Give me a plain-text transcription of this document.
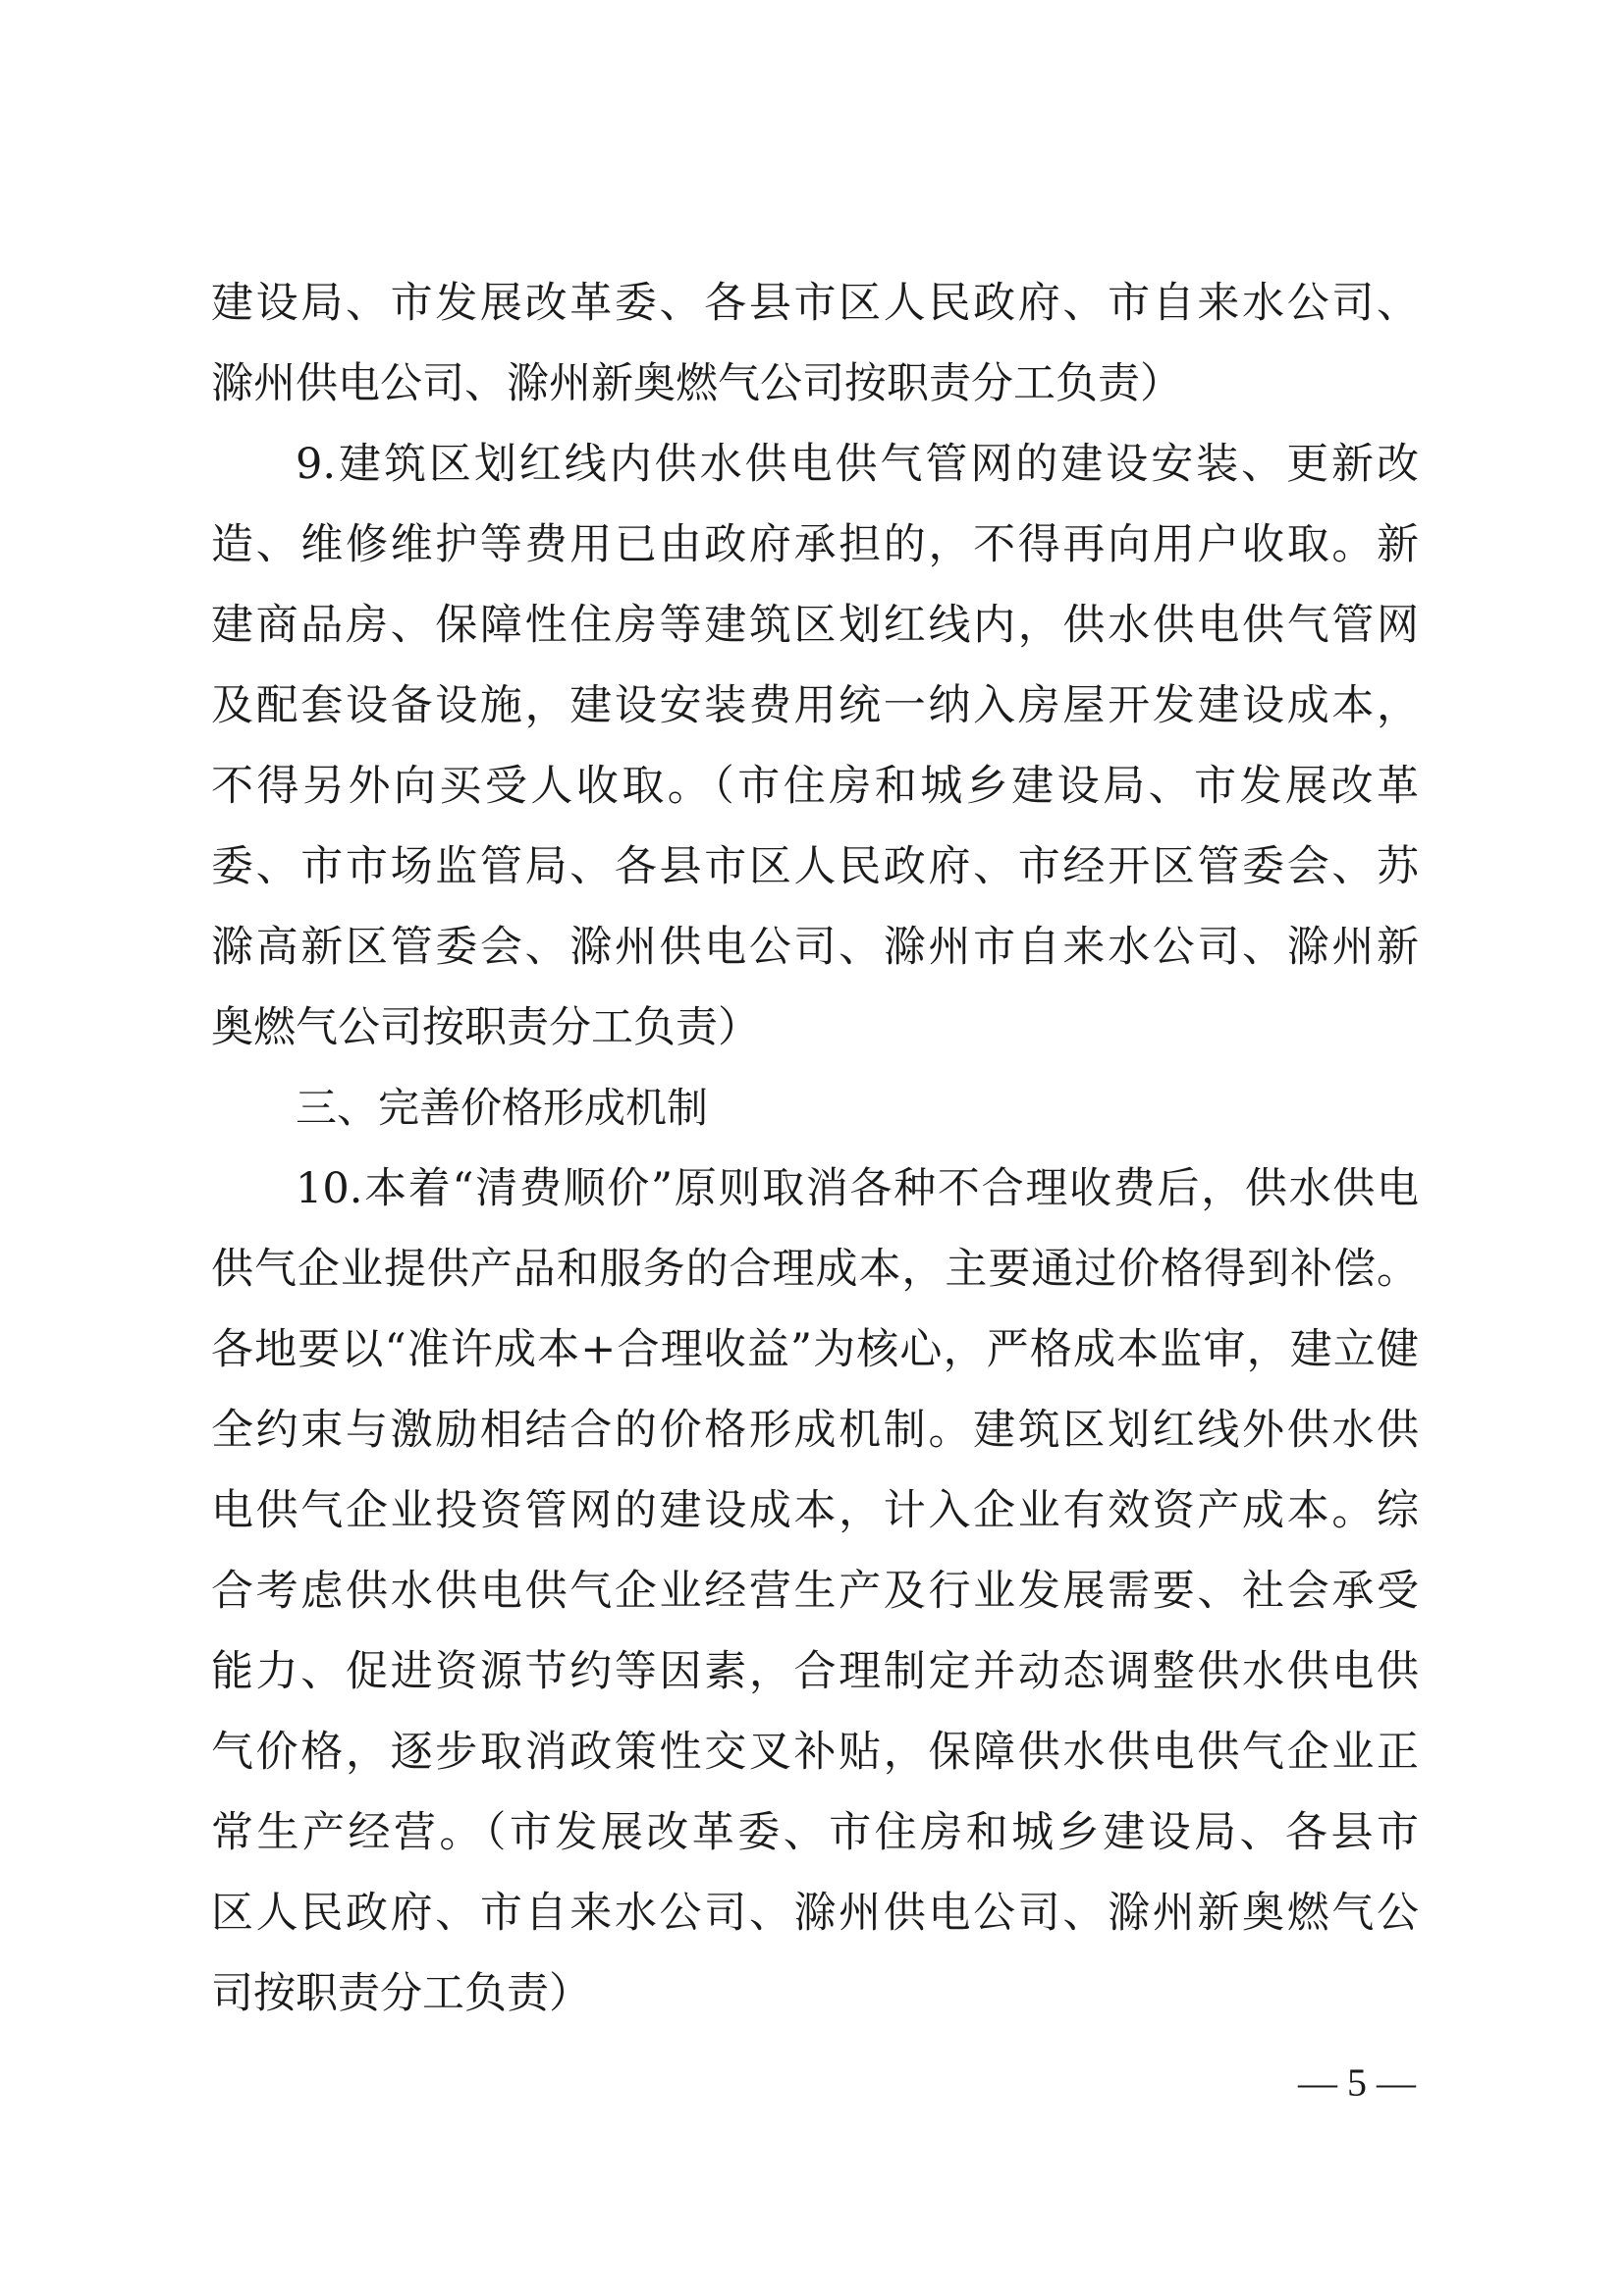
建设局、市发展改革委、各县市区人民政府、市自来水公司、
滁州供电公司、滁州新奥燃气公司按职责分工负责）
9.建筑区划红线内供水供电供气管网的建设安装、更新改
造、维修维护等费用已由政府承担的，不得再向用户收取。新
建商品房、保障性住房等建筑区划红线内，供水供电供气管网
及配套设备设施，建设安装费用统一纳入房屋开发建设成本，
不得另外向买受人收取。（市住房和城乡建设局、市发展改革
委、市市场监管局、各县市区人民政府、市经开区管委会、苏
滁高新区管委会、滁州供电公司、滁州市自来水公司、滁州新
奥燃气公司按职责分工负责）
三、完善价格形成机制
10.本着“清费顺价”原则取消各种不合理收费后，供水供电
供气企业提供产品和服务的合理成本，主要通过价格得到补偿。
各地要以“准许成本+合理收益”为核心，严格成本监审，建立健
全约束与激励相结合的价格形成机制。建筑区划红线外供水供
电供气企业投资管网的建设成本，计入企业有效资产成本。综
合考虑供水供电供气企业经营生产及行业发展需要、社会承受
能力、促进资源节约等因素，合理制定并动态调整供水供电供
气价格，逐步取消政策性交叉补贴，保障供水供电供气企业正
常生产经营。（市发展改革委、市住房和城乡建设局、各县市
区人民政府、市自来水公司、滁州供电公司、滁州新奥燃气公
司按职责分工负责）
— 5 —
